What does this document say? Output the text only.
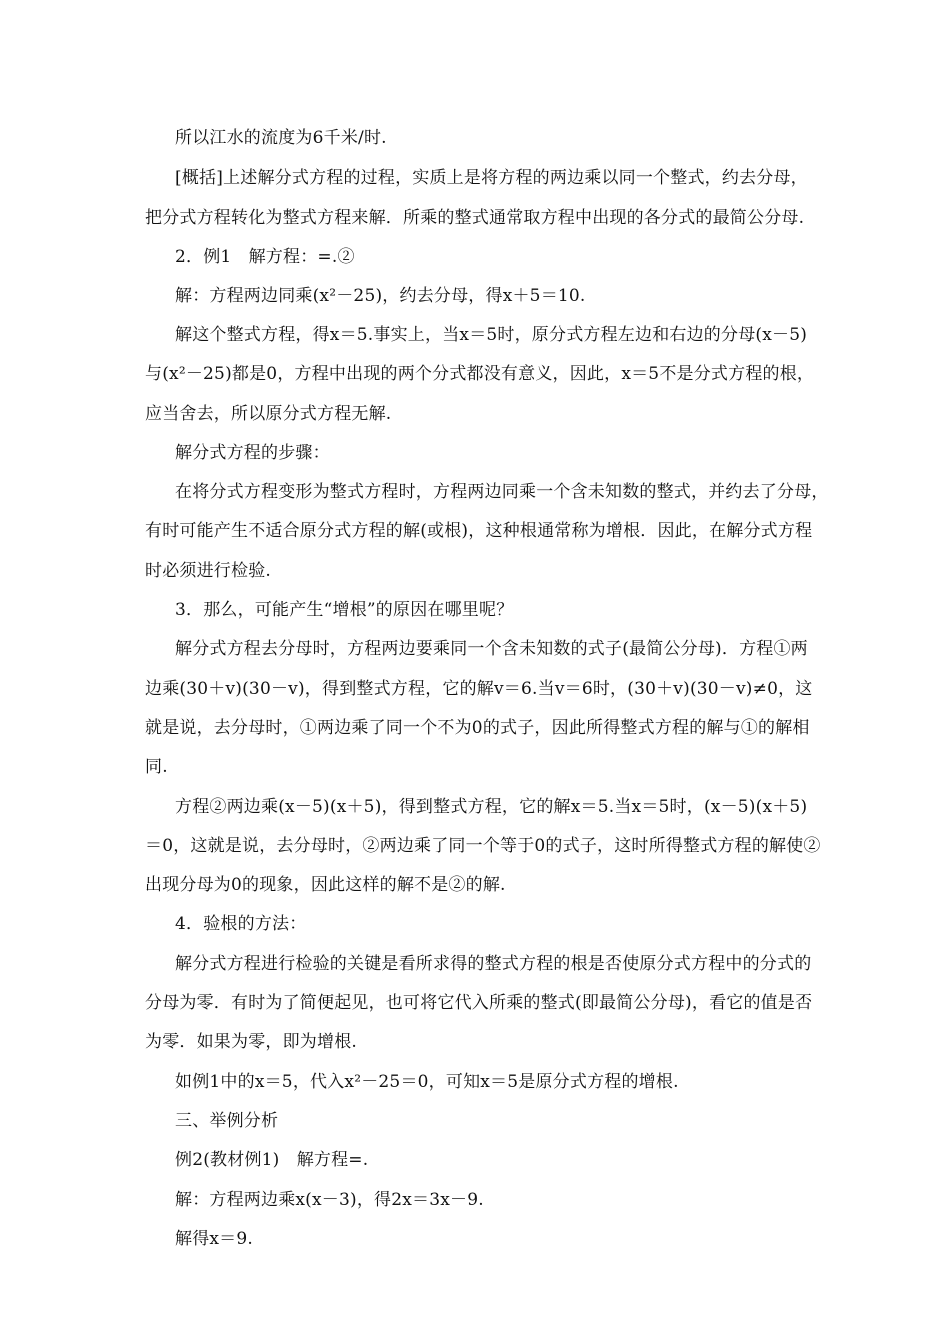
所以江水的流度为6千米/时.
[概括]上述解分式方程的过程，实质上是将方程的两边乘以同一个整式，约去分母，
把分式方程转化为整式方程来解．所乘的整式通常取方程中出现的各分式的最简公分母.
2．例1　解方程：=.②
解：方程两边同乘(x²－25)，约去分母，得x＋5＝10.
解这个整式方程，得x＝5.事实上，当x＝5时，原分式方程左边和右边的分母(x－5)
与(x²－25)都是0，方程中出现的两个分式都没有意义，因此，x＝5不是分式方程的根，
应当舍去，所以原分式方程无解.
解分式方程的步骤：
在将分式方程变形为整式方程时，方程两边同乘一个含未知数的整式，并约去了分母，
有时可能产生不适合原分式方程的解(或根)，这种根通常称为增根．因此，在解分式方程
时必须进行检验.
3．那么，可能产生“增根”的原因在哪里呢？
解分式方程去分母时，方程两边要乘同一个含未知数的式子(最简公分母)．方程①两
边乘(30＋v)(30－v)，得到整式方程，它的解v＝6.当v＝6时，(30＋v)(30－v)≠0，这
就是说，去分母时，①两边乘了同一个不为0的式子，因此所得整式方程的解与①的解相
同.
方程②两边乘(x－5)(x＋5)，得到整式方程，它的解x＝5.当x＝5时，(x－5)(x＋5)
＝0，这就是说，去分母时，②两边乘了同一个等于0的式子，这时所得整式方程的解使②
出现分母为0的现象，因此这样的解不是②的解.
4．验根的方法：
解分式方程进行检验的关键是看所求得的整式方程的根是否使原分式方程中的分式的
分母为零．有时为了简便起见，也可将它代入所乘的整式(即最简公分母)，看它的值是否
为零．如果为零，即为增根.
如例1中的x＝5，代入x²－25＝0，可知x＝5是原分式方程的增根.
三、举例分析
例2(教材例1)　解方程=.
解：方程两边乘x(x－3)，得2x＝3x－9.
解得x＝9.
